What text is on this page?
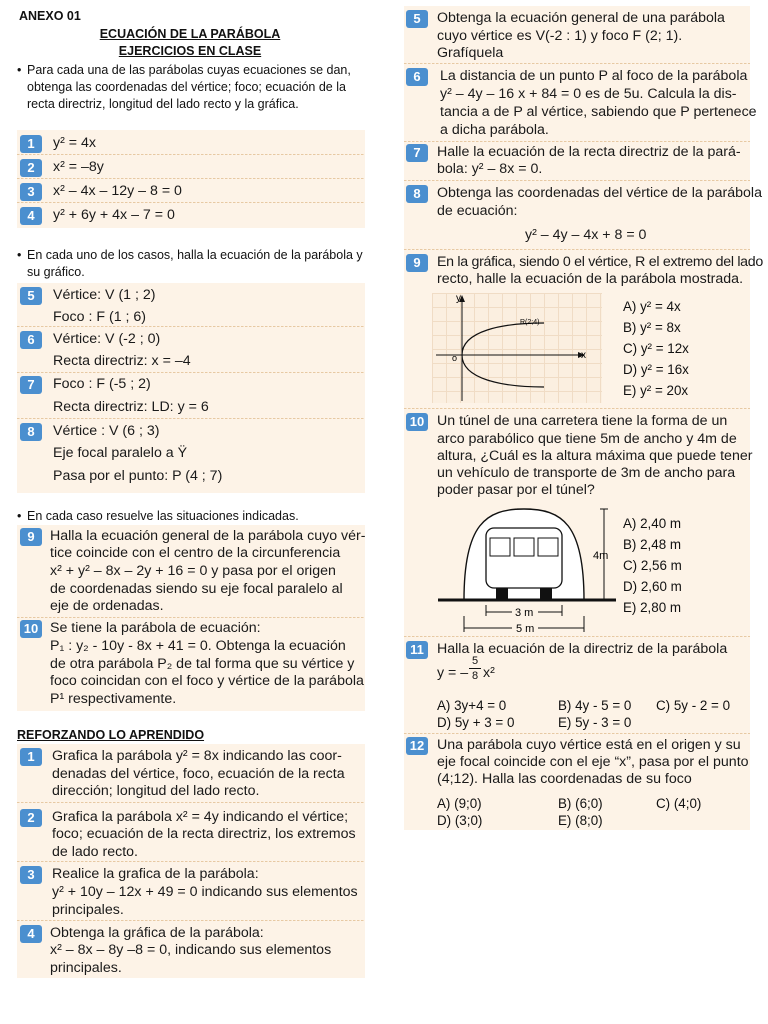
ANEXO 01
ECUACIÓN DE LA PARÁBOLA
EJERCICIOS EN CLASE
• Para cada una de las parábolas cuyas ecuaciones se dan, obtenga las coordenadas del vértice; foco; ecuación de la recta directriz, longitud del lado recto y la gráfica.
1	y² = 4x
2	x² = –8y
3	x² – 4x – 12y – 8 = 0
4	y² + 6y + 4x – 7 = 0
• En cada uno de los casos, halla la ecuación de la parábola y su gráfico.
5	Vértice: V (1 ; 2)
Foco : F (1 ; 6)
6	Vértice: V (-2 ; 0)
Recta directriz: x = –4
7	Foco : F (-5 ; 2)
Recta directriz: LD: y = 6
8	Vértice : V (6 ; 3)
Eje focal paralelo a Ÿ
Pasa por el punto: P (4 ; 7)
• En cada caso resuelve las situaciones indicadas.
9	Halla la ecuación general de la parábola cuyo vér-
tice coincide con el centro de la circunferencia
x² + y² – 8x – 2y + 16 = 0 y pasa por el origen
de coordenadas siendo su eje focal paralelo al
eje de ordenadas.
10 Se tiene la parábola de ecuación:
P₁ : y₂ - 10y - 8x + 41 = 0. Obtenga la ecuación
de otra parábola P₂ de tal forma que su vértice y
foco coincidan con el foco y vértice de la parábola
P¹ respectivamente.
REFORZANDO LO APRENDIDO
1	Grafica la parábola y² = 8x indicando las coor-
denadas del vértice, foco, ecuación de la recta
dirección; longitud del lado recto.
2	Grafica la parábola x² = 4y indicando el vértice;
foco; ecuación de la recta directriz, los extremos
de lado recto.
3	Realice la grafica de la parábola:
y² + 10y – 12x + 49 = 0 indicando sus elementos
principales.
4	Obtenga la gráfica de la parábola:
x² – 8x – 8y –8 = 0, indicando sus elementos
principales.
5	Obtenga la ecuación general de una parábola
cuyo vértice es V(-2 : 1) y foco F (2; 1).
Grafíquela
6	La distancia de un punto P al foco de la parábola
y² – 4y – 16 x + 84 = 0 es de 5u. Calcula la dis-
tancia a de P al vértice, sabiendo que P pertenece
a dicha parábola.
7	Halle la ecuación de la recta directriz de la pará-
bola: y² – 8x = 0.
8	Obtenga las coordenadas del vértice de la parábola
de ecuación:
y² – 4y – 4x + 8 = 0
9	En la gráfica, siendo 0 el vértice, R el extremo del lado
recto, halle la ecuación de la parábola mostrada.
y
x
o
R(2;4)
A) y² = 4x
B) y² = 8x
C) y² = 12x
D) y² = 16x
E) y² = 20x
10 Un túnel de una carretera tiene la forma de un
arco parabólico que tiene 5m de ancho y 4m de
altura, ¿Cuál es la altura máxima que puede tener
un vehículo de transporte de 3m de ancho para
poder pasar por el túnel?
4m
3 m
5 m
A) 2,40 m
B) 2,48 m
C) 2,56 m
D) 2,60 m
E) 2,80 m
11 Halla la ecuación de la directriz de la parábola
y = –
5
8 x²
A) 3y+4 = 0	B) 4y - 5 = 0 C) 5y - 2 = 0
D) 5y + 3 = 0	E) 5y - 3 = 0
12 Una parábola cuyo vértice está en el origen y su
eje focal coincide con el eje “x”, pasa por el punto
(4;12). Halla las coordenadas de su foco
A) (9;0)	B) (6;0)	C) (4;0)
D) (3;0)	E) (8;0)
